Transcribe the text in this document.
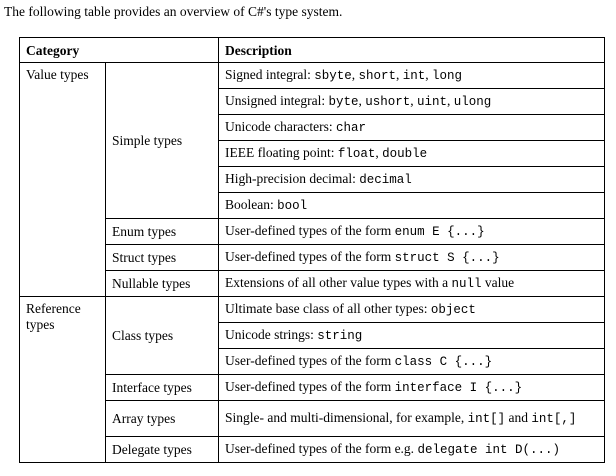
The following table provides an overview of C#'s type system.
Category		Description
Value types	Simple types	Signed integral: sbyte, short, int, long
		Unsigned integral: byte, ushort, uint, ulong
		Unicode characters: char
		IEEE floating point: float, double
		High-precision decimal: decimal
		Boolean: bool
	Enum types	User-defined types of the form enum E {...}
	Struct types	User-defined types of the form struct S {...}
	Nullable types	Extensions of all other value types with a null value
Reference types	Class types	Ultimate base class of all other types: object
		Unicode strings: string
		User-defined types of the form class C {...}
	Interface types	User-defined types of the form interface I {...}
	Array types	Single- and multi-dimensional, for example, int[] and int[,]
	Delegate types	User-defined types of the form e.g. delegate int D(...)
